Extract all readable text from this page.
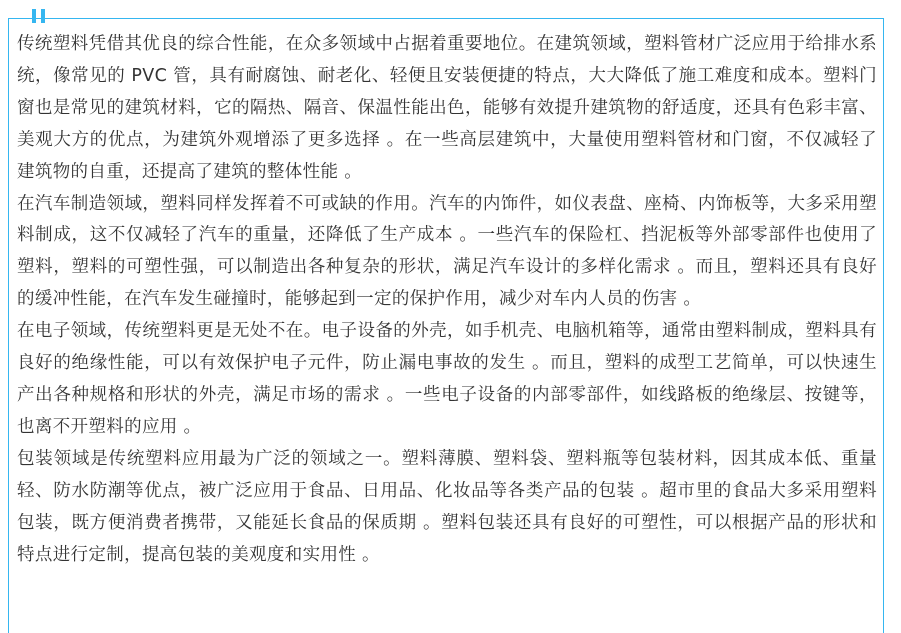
传统塑料凭借其优良的综合性能，在众多领域中占据着重要地位。在建筑领域，塑料管材广泛应用于给排水系统，像常见的 PVC 管，具有耐腐蚀、耐老化、轻便且安装便捷的特点，大大降低了施工难度和成本。塑料门窗也是常见的建筑材料，它的隔热、隔音、保温性能出色，能够有效提升建筑物的舒适度，还具有色彩丰富、美观大方的优点，为建筑外观增添了更多选择 。在一些高层建筑中，大量使用塑料管材和门窗，不仅减轻了建筑物的自重，还提高了建筑的整体性能 。

在汽车制造领域，塑料同样发挥着不可或缺的作用。汽车的内饰件，如仪表盘、座椅、内饰板等，大多采用塑料制成，这不仅减轻了汽车的重量，还降低了生产成本 。一些汽车的保险杠、挡泥板等外部零部件也使用了塑料，塑料的可塑性强，可以制造出各种复杂的形状，满足汽车设计的多样化需求 。而且，塑料还具有良好的缓冲性能，在汽车发生碰撞时，能够起到一定的保护作用，减少对车内人员的伤害 。

在电子领域，传统塑料更是无处不在。电子设备的外壳，如手机壳、电脑机箱等，通常由塑料制成，塑料具有良好的绝缘性能，可以有效保护电子元件，防止漏电事故的发生 。而且，塑料的成型工艺简单，可以快速生产出各种规格和形状的外壳，满足市场的需求 。一些电子设备的内部零部件，如线路板的绝缘层、按键等，也离不开塑料的应用 。

包装领域是传统塑料应用最为广泛的领域之一。塑料薄膜、塑料袋、塑料瓶等包装材料，因其成本低、重量轻、防水防潮等优点，被广泛应用于食品、日用品、化妆品等各类产品的包装 。超市里的食品大多采用塑料包装，既方便消费者携带，又能延长食品的保质期 。塑料包装还具有良好的可塑性，可以根据产品的形状和特点进行定制，提高包装的美观度和实用性 。
